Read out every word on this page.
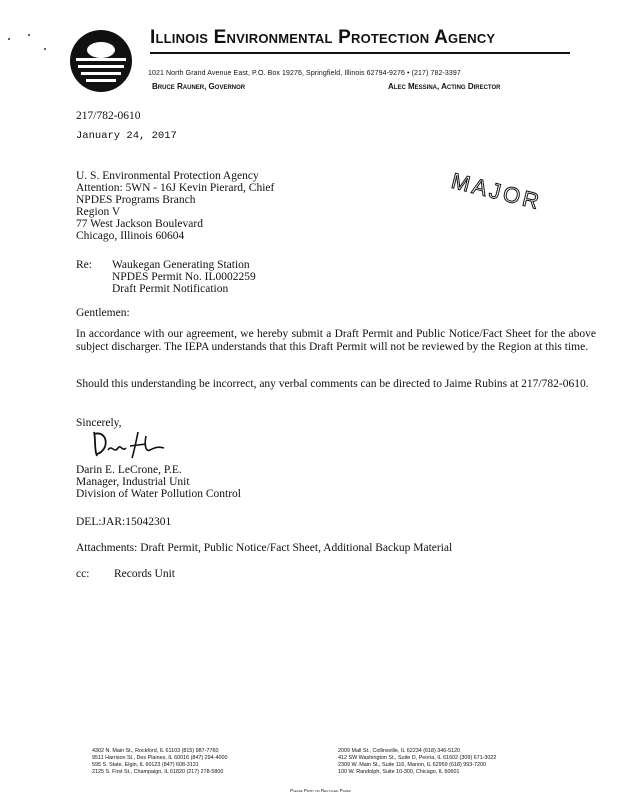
Illinois Environmental Protection Agency
1021 North Grand Avenue East, P.O. Box 19276, Springfield, Illinois 62794-9276 • (217) 782-3397
Bruce Rauner, Governor	Alec Messina, Acting Director
MAJOR
217/782-0610
January 24, 2017
U. S. Environmental Protection Agency
Attention: 5WN - 16J Kevin Pierard, Chief
NPDES Programs Branch
Region V
77 West Jackson Boulevard
Chicago, Illinois 60604
Re: Waukegan Generating Station
NPDES Permit No. IL0002259
Draft Permit Notification
Gentlemen:
In accordance with our agreement, we hereby submit a Draft Permit and Public Notice/Fact Sheet for the above subject discharger. The IEPA understands that this Draft Permit will not be reviewed by the Region at this time.
Should this understanding be incorrect, any verbal comments can be directed to Jaime Rubins at 217/782-0610.
Sincerely,
Darin E. LeCrone, P.E.
Manager, Industrial Unit
Division of Water Pollution Control
DEL:JAR:15042301
Attachments: Draft Permit, Public Notice/Fact Sheet, Additional Backup Material
cc: Records Unit
4302 N. Main St., Rockford, IL 61103 (815) 987-7760
9511 Harrison St., Des Plaines, IL 60016 (847) 294-4000
595 S. State, Elgin, IL 60123 (847) 608-3131
2125 S. First St., Champaign, IL 61820 (217) 278-5800
2009 Mall St., Collinsville, IL 62234 (618) 346-5120
412 SW Washington St., Suite D, Peoria, IL 61602 (309) 671-3022
2309 W. Main St., Suite 116, Marion, IL 62959 (618) 993-7200
100 W. Randolph, Suite 10-300, Chicago, IL 60601
Please Print on Recycled Paper
